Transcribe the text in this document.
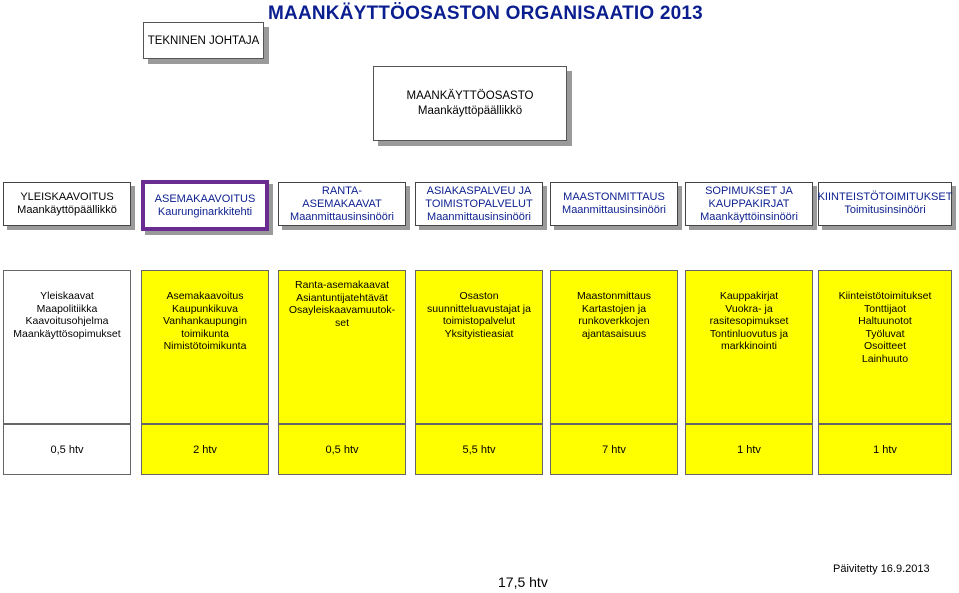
MAANKÄYTTÖOSASTON ORGANISAATIO 2013
TEKNINEN JOHTAJA
MAANKÄYTTÖOSASTO
Maankäyttöpäällikkö
YLEISKAAVOITUS
Maankäyttöpäällikkö
ASEMAKAAVOITUS
Kaurunginarkkitehti
RANTA-
ASEMAKAAVAT
Maanmittausinsinööri
ASIAKASPALVEU JA
TOIMISTOPALVELUT
Maanmittausinsinööri
MAASTONMITTAUS
Maanmittausinsinööri
SOPIMUKSET JA
KAUPPAKIRJAT
Maankäyttöinsinööri
KIINTEISTÖTOIMITUKSET
Toimitusinsinööri
Yleiskaavat
Maapolitiikka
Kaavoitusohjelma
Maankäyttösopimukset
Asemakaavoitus
Kaupunkikuva
Vanhankaupungin
toimikunta
Nimistötoimikunta
Ranta-asemakaavat
Asiantuntijatehtävät
Osayleiskaavamuutok-
set
Osaston
suunnitteluavustajat ja
toimistopalvelut
Yksityistieasiat
Maastonmittaus
Kartastojen ja
runkoverkkojen
ajantasaisuus
Kauppakirjat
Vuokra- ja
rasitesopimukset
Tontinluovutus ja
markkinointi
Kiinteistötoimitukset
Tonttijaot
Haltuunotot
Työluvat
Osoitteet
Lainhuuto
0,5 htv	2 htv	0,5 htv	5,5 htv	7 htv	1 htv	1 htv
17,5 htv
Päivitetty 16.9.2013
